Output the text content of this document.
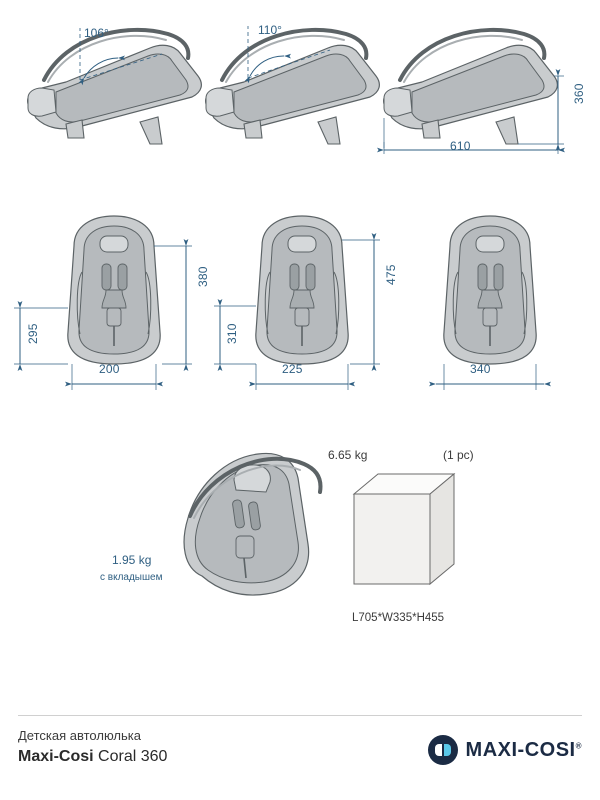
106°	110°
360
610
380
295
200
475
310
225	340
1.95 kg
с вкладышем
6.65 kg	(1 pc)
L705*W335*H455
Детская автолюлька
Maxi-Cosi Coral 360	MAXI-COSI®
